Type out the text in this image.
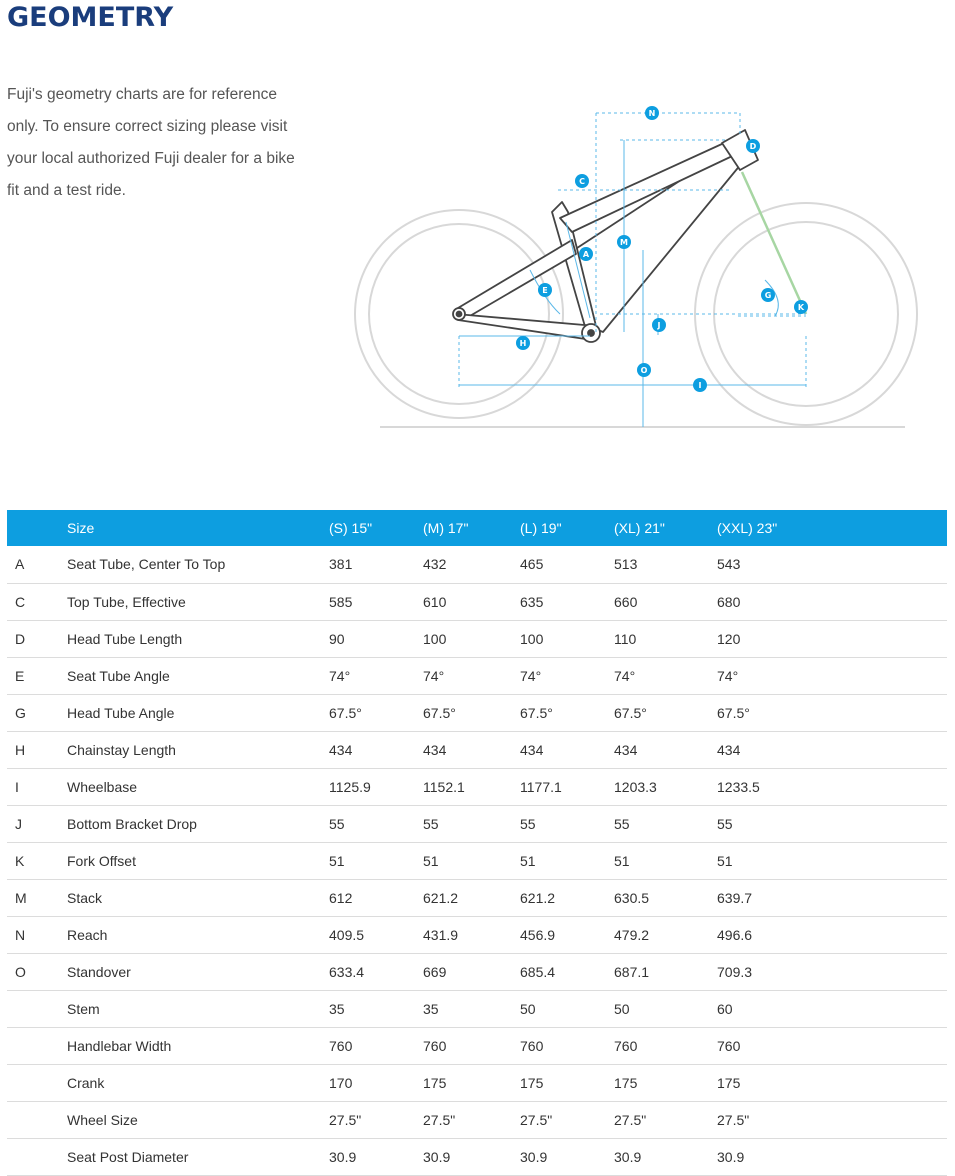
GEOMETRY

Fuji's geometry charts are for reference only. To ensure correct sizing please visit your local authorized Fuji dealer for a bike fit and a test ride.

N
D
C
M
A
E
J
H
O
I
G
K
	Size	(S) 15"	(M) 17"	(L) 19"	(XL) 21"	(XXL) 23"
A	Seat Tube, Center To Top	381	432	465	513	543
C	Top Tube, Effective	585	610	635	660	680
D	Head Tube Length	90	100	100	110	120
E	Seat Tube Angle	74°	74°	74°	74°	74°
G	Head Tube Angle	67.5°	67.5°	67.5°	67.5°	67.5°
H	Chainstay Length	434	434	434	434	434
I	Wheelbase	1125.9	1152.1	1177.1	1203.3	1233.5
J	Bottom Bracket Drop	55	55	55	55	55
K	Fork Offset	51	51	51	51	51
M	Stack	612	621.2	621.2	630.5	639.7
N	Reach	409.5	431.9	456.9	479.2	496.6
O	Standover	633.4	669	685.4	687.1	709.3
	Stem	35	35	50	50	60
	Handlebar Width	760	760	760	760	760
	Crank	170	175	175	175	175
	Wheel Size	27.5"	27.5"	27.5"	27.5"	27.5"
	Seat Post Diameter	30.9	30.9	30.9	30.9	30.9
